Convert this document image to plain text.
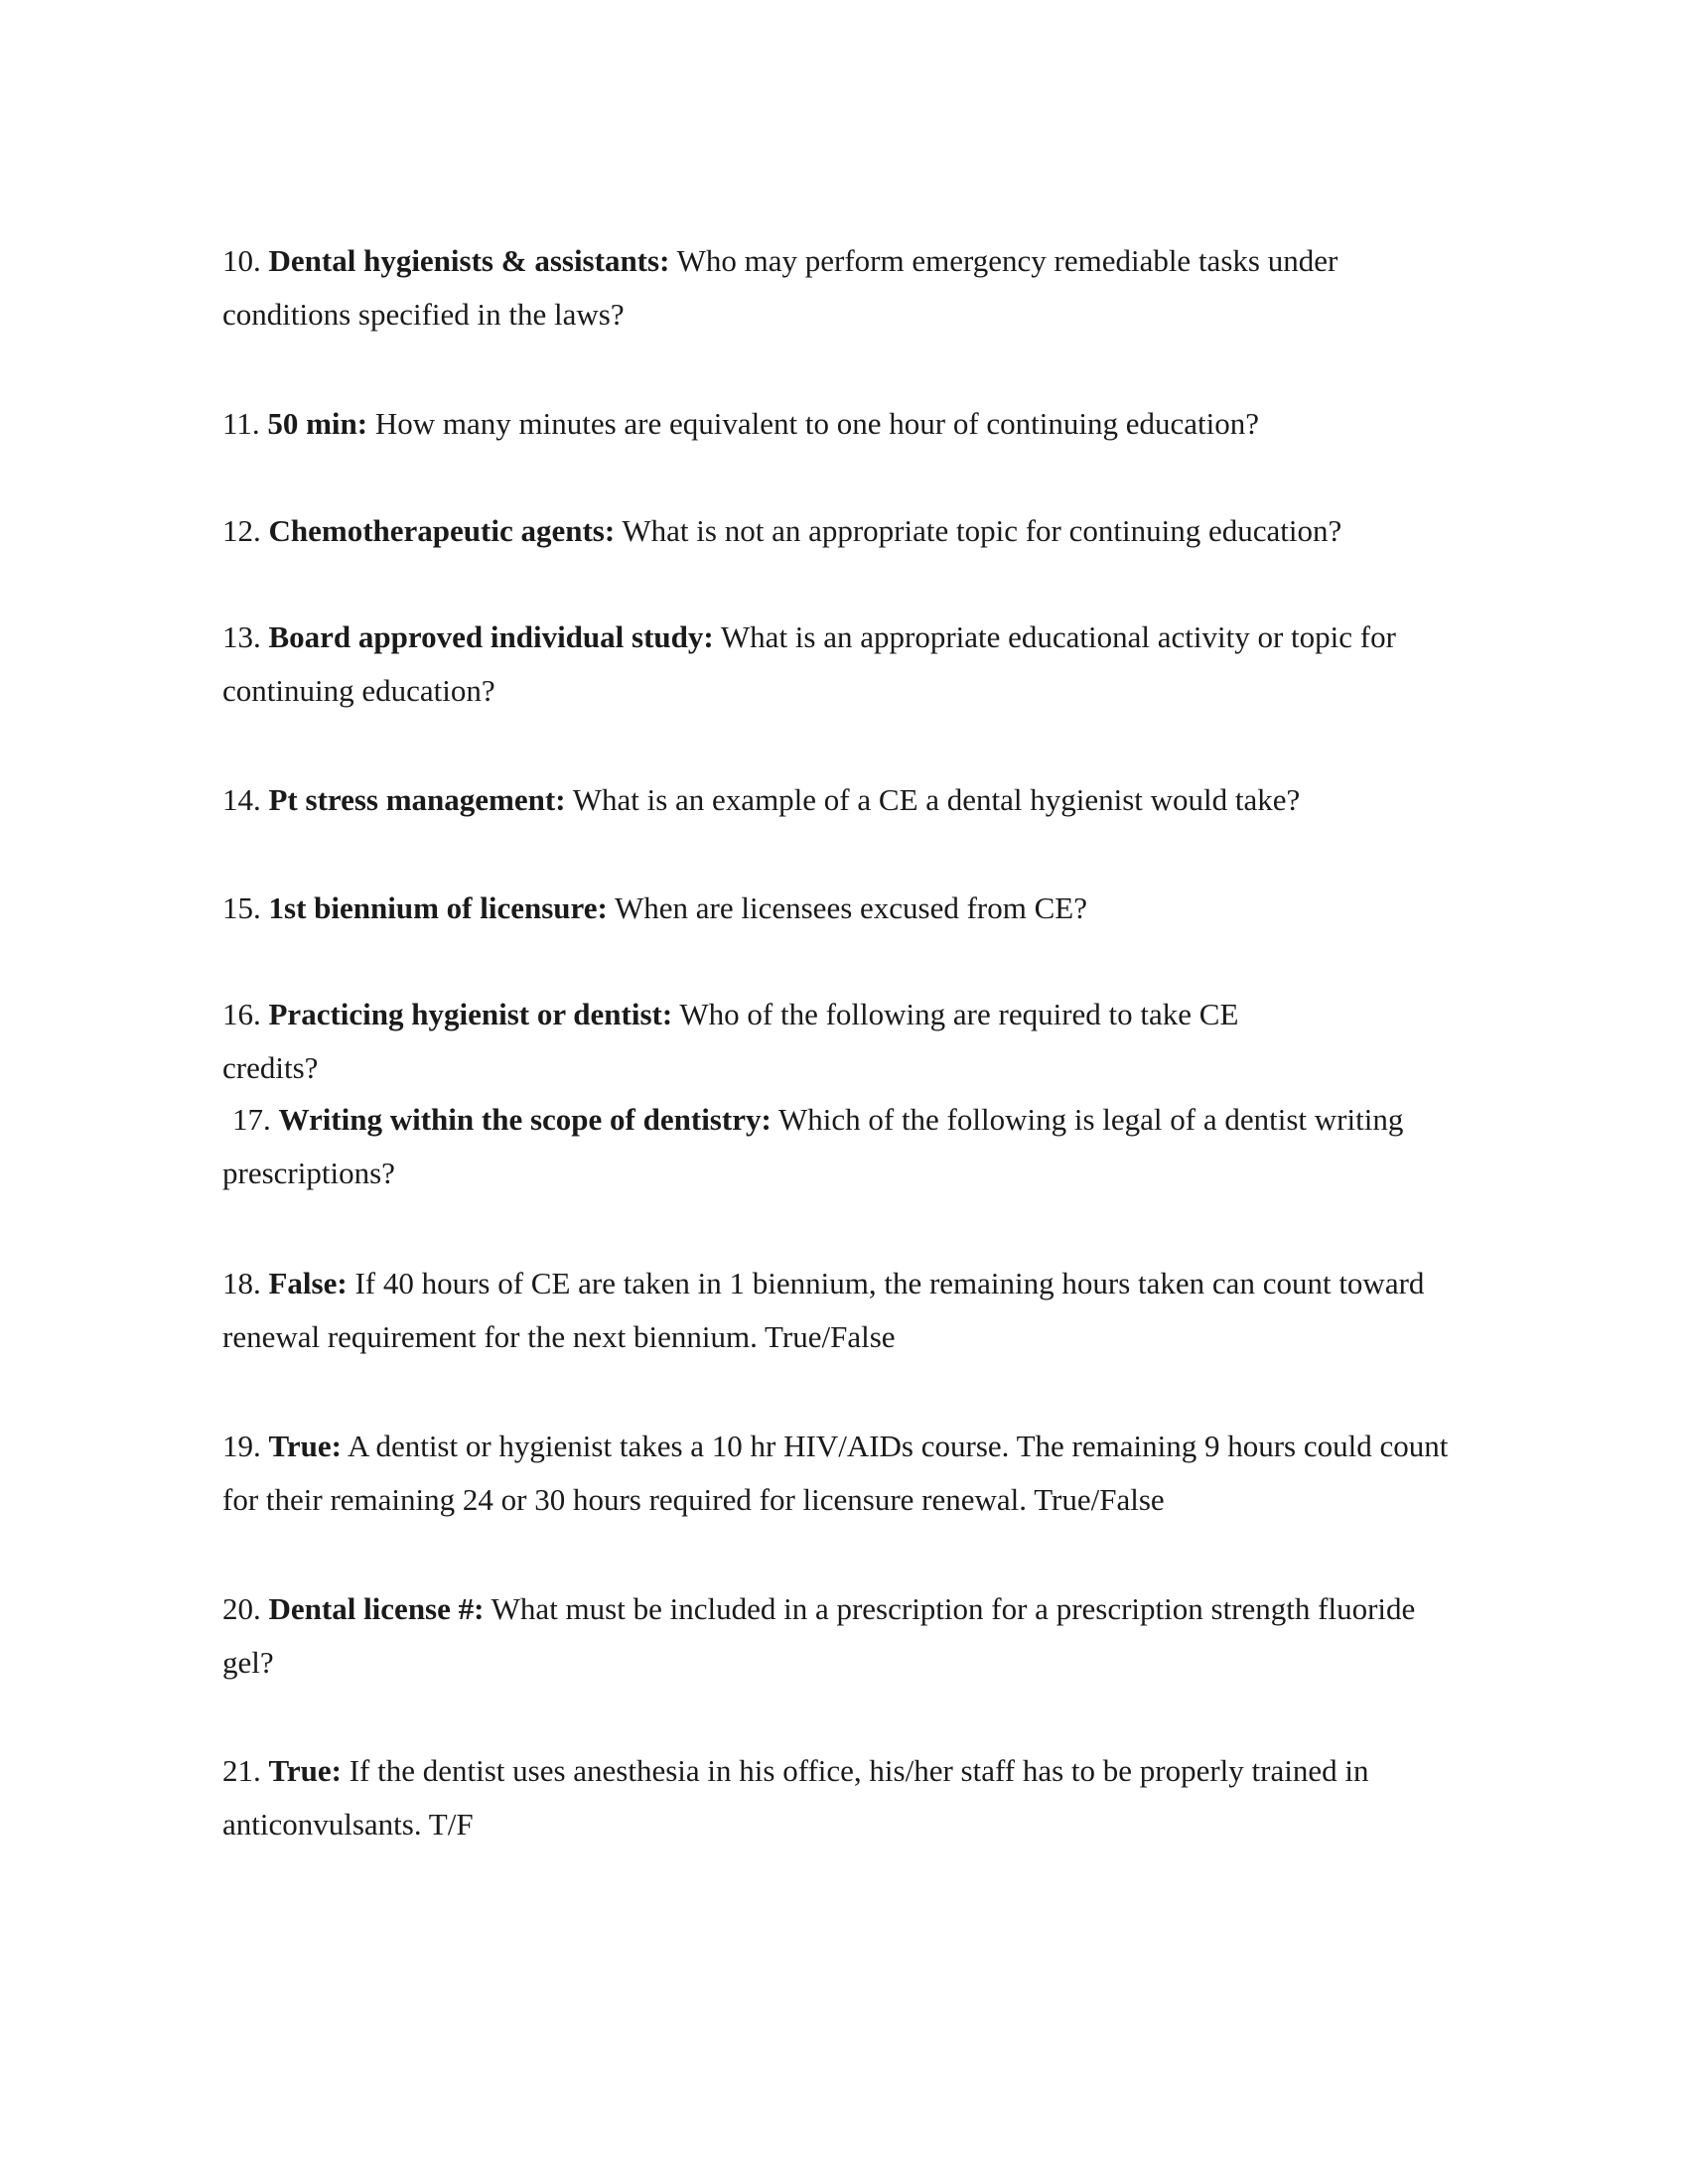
10. Dental hygienists & assistants: Who may perform emergency remediable tasks under conditions specified in the laws?

11. 50 min: How many minutes are equivalent to one hour of continuing education?

12. Chemotherapeutic agents: What is not an appropriate topic for continuing education?

13. Board approved individual study: What is an appropriate educational activity or topic for continuing education?

14. Pt stress management: What is an example of a CE a dental hygienist would take?

15. 1st biennium of licensure: When are licensees excused from CE?

16. Practicing hygienist or dentist: Who of the following are required to take CE credits?

17. Writing within the scope of dentistry: Which of the following is legal of a dentist writing prescriptions?

18. False: If 40 hours of CE are taken in 1 biennium, the remaining hours taken can count toward renewal requirement for the next biennium. True/False

19. True: A dentist or hygienist takes a 10 hr HIV/AIDs course. The remaining 9 hours could count for their remaining 24 or 30 hours required for licensure renewal. True/False

20. Dental license #: What must be included in a prescription for a prescription strength fluoride gel?

21. True: If the dentist uses anesthesia in his office, his/her staff has to be properly trained in anticonvulsants. T/F
